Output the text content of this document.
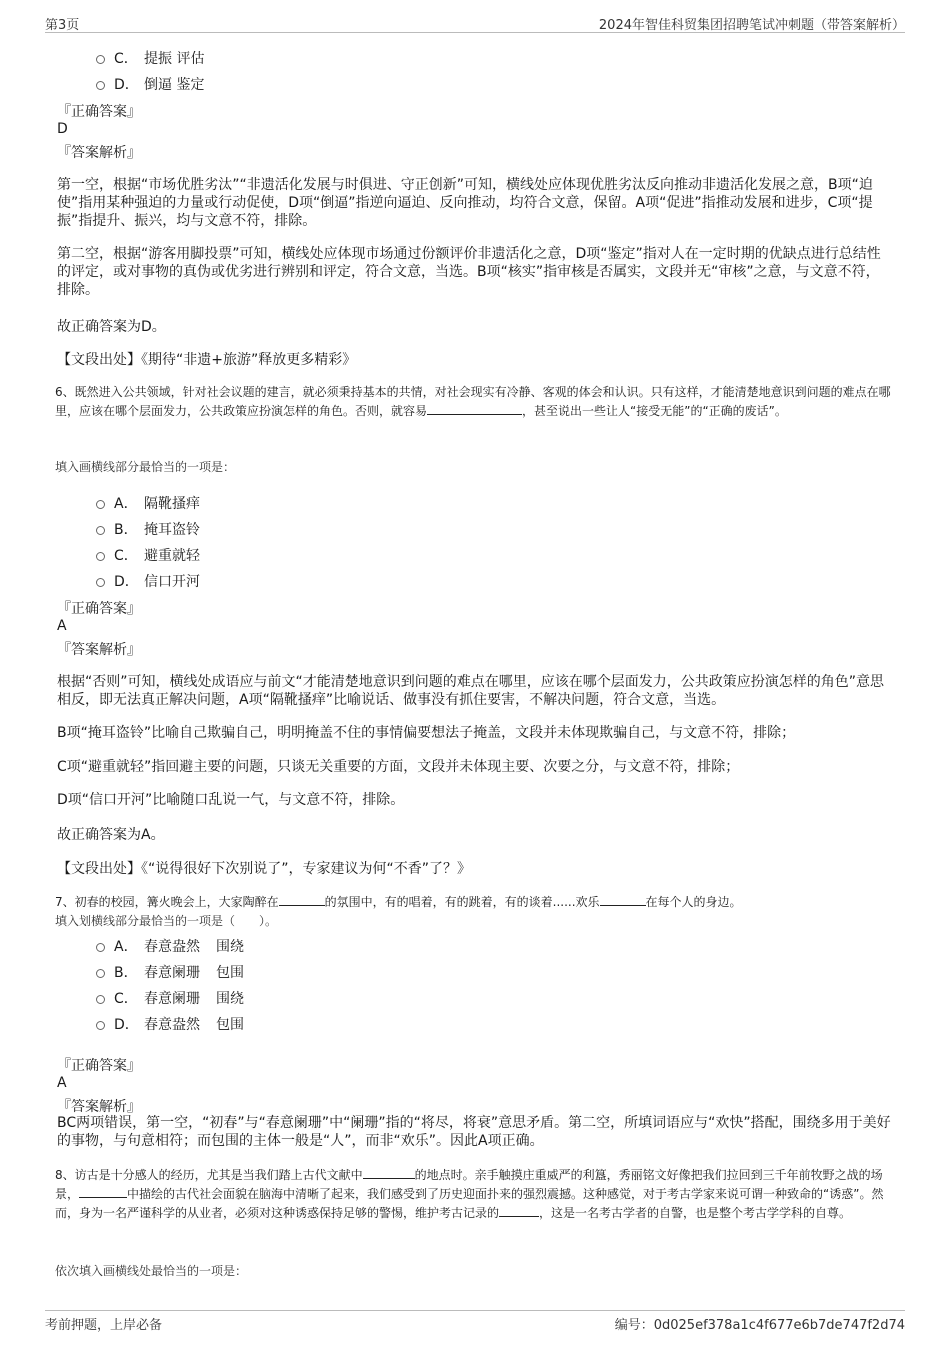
第3页	2024年智佳科贸集团招聘笔试冲刺题（带答案解析）
C． 提振 评估
D． 倒逼 鉴定
『正确答案』
D
『答案解析』
第一空，根据“市场优胜劣汰”“非遗活化发展与时俱进、守正创新”可知，横线处应体现优胜劣汰反向推动非遗活化发展之意，B项“迫使”指用某种强迫的力量或行动促使，D项“倒逼”指逆向逼迫、反向推动，均符合文意，保留。A项“促进”指推动发展和进步，C项“提振”指提升、振兴，均与文意不符，排除。
第二空，根据“游客用脚投票”可知，横线处应体现市场通过份额评价非遗活化之意，D项“鉴定”指对人在一定时期的优缺点进行总结性的评定，或对事物的真伪或优劣进行辨别和评定，符合文意，当选。B项“核实”指审核是否属实，文段并无“审核”之意，与文意不符，排除。
故正确答案为D。
【文段出处】《期待“非遗+旅游”释放更多精彩》
6、既然进入公共领域，针对社会议题的建言，就必须秉持基本的共情，对社会现实有冷静、客观的体会和认识。只有这样，才能清楚地意识到问题的难点在哪里，应该在哪个层面发力，公共政策应扮演怎样的角色。否则，就容易	，甚至说出一些让人“接受无能”的“正确的废话”。
填入画横线部分最恰当的一项是：
A． 隔靴搔痒
B． 掩耳盗铃
C． 避重就轻
D． 信口开河
『正确答案』
A
『答案解析』
根据“否则”可知，横线处成语应与前文“才能清楚地意识到问题的难点在哪里，应该在哪个层面发力，公共政策应扮演怎样的角色”意思相反，即无法真正解决问题，A项“隔靴搔痒”比喻说话、做事没有抓住要害，不解决问题，符合文意，当选。
B项“掩耳盗铃”比喻自己欺骗自己，明明掩盖不住的事情偏要想法子掩盖，文段并未体现欺骗自己，与文意不符，排除；
C项“避重就轻”指回避主要的问题，只谈无关重要的方面，文段并未体现主要、次要之分，与文意不符，排除；
D项“信口开河”比喻随口乱说一气，与文意不符，排除。
故正确答案为A。
【文段出处】《“说得很好下次别说了”，专家建议为何“不香”了？》
7、初春的校园，篝火晚会上，大家陶醉在	的氛围中，有的唱着，有的跳着，有的谈着......欢乐	在每个人的身边。
填入划横线部分最恰当的一项是（　　）。
A． 春意盎然 围绕
B． 春意阑珊 包围
C． 春意阑珊 围绕
D． 春意盎然 包围
『正确答案』
A
『答案解析』
BC两项错误，第一空，“初春”与“春意阑珊”中“阑珊”指的“将尽，将衰”意思矛盾。第二空，所填词语应与“欢快”搭配，围绕多用于美好的事物，与句意相符；而包围的主体一般是“人”，而非“欢乐”。因此A项正确。
8、访古是十分感人的经历，尤其是当我们踏上古代文献中	的地点时。亲手触摸庄重威严的利簋，秀丽铭文好像把我们拉回到三千年前牧野之战的场景，	中描绘的古代社会面貌在脑海中清晰了起来，我们感受到了历史迎面扑来的强烈震撼。这种感觉，对于考古学家来说可谓一种致命的“诱惑”。然而，身为一名严谨科学的从业者，必须对这种诱惑保持足够的警惕，维护考古记录的	，这是一名考古学者的自警，也是整个考古学学科的自尊。
依次填入画横线处最恰当的一项是：
考前押题，上岸必备	编号：0d025ef378a1c4f677e6b7de747f2d74
